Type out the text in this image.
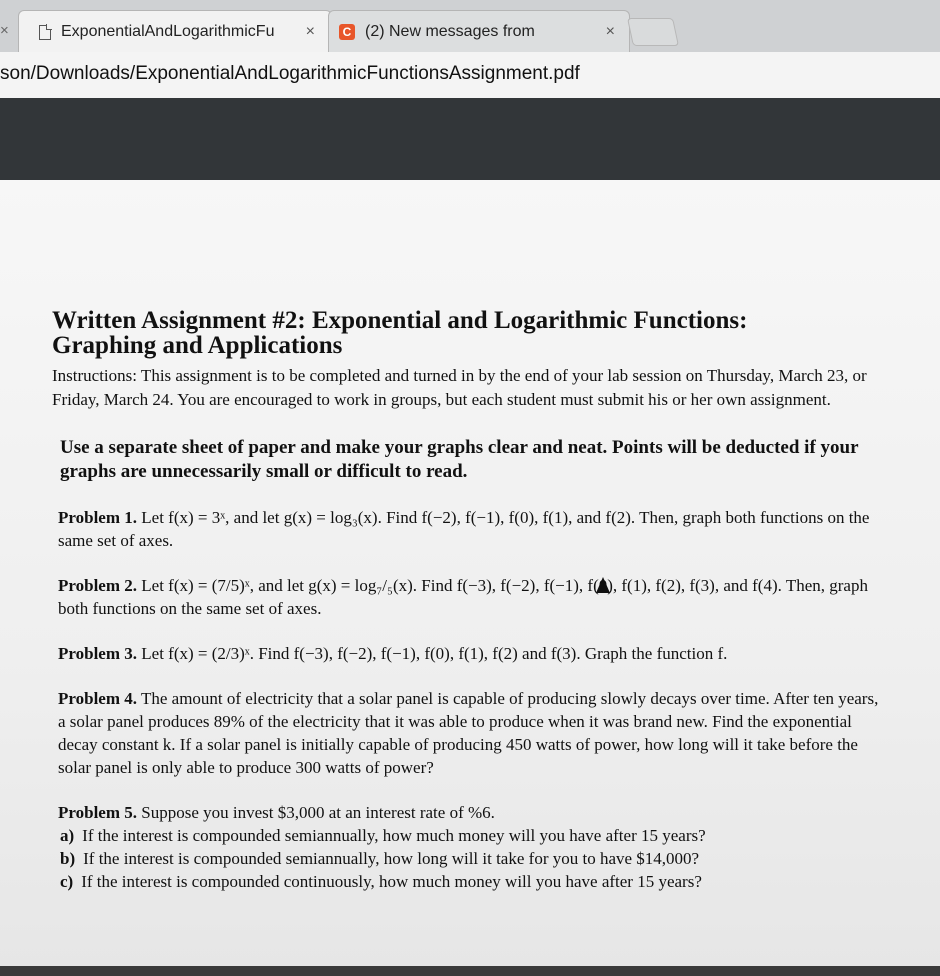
×	ExponentialAndLogarithmicFu	×	C (2) New messages from	×
son/Downloads/ExponentialAndLogarithmicFunctionsAssignment.pdf
Written Assignment #2: Exponential and Logarithmic Functions:
Graphing and Applications
Instructions: This assignment is to be completed and turned in by the end of your lab session on Thursday, March 23, or Friday, March 24. You are encouraged to work in groups, but each student must submit his or her own assignment.
Use a separate sheet of paper and make your graphs clear and neat. Points will be deducted if your graphs are unnecessarily small or difficult to read.
Problem 1. Let f(x) = 3ˣ, and let g(x) = log₃(x). Find f(−2), f(−1), f(0), f(1), and f(2). Then, graph both functions on the same set of axes.
Problem 2. Let f(x) = (7/5)ˣ, and let g(x) = log₇/₅(x). Find f(−3), f(−2), f(−1), f(0), f(1), f(2), f(3), and f(4). Then, graph both functions on the same set of axes.
Problem 3. Let f(x) = (2/3)ˣ. Find f(−3), f(−2), f(−1), f(0), f(1), f(2) and f(3). Graph the function f.
Problem 4. The amount of electricity that a solar panel is capable of producing slowly decays over time. After ten years, a solar panel produces 89% of the electricity that it was able to produce when it was brand new. Find the exponential decay constant k. If a solar panel is initially capable of producing 450 watts of power, how long will it take before the solar panel is only able to produce 300 watts of power?
Problem 5. Suppose you invest $3,000 at an interest rate of %6.
a) If the interest is compounded semiannually, how much money will you have after 15 years?
b) If the interest is compounded semiannually, how long will it take for you to have $14,000?
c) If the interest is compounded continuously, how much money will you have after 15 years?
